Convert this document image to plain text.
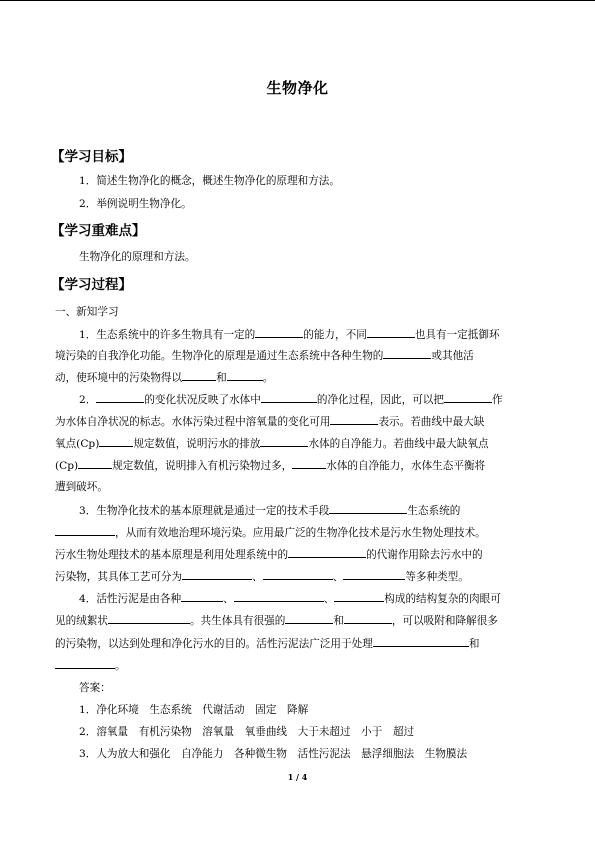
生物净化
【学习目标】
1．简述生物净化的概念，概述生物净化的原理和方法。
2．举例说明生物净化。
【学习重难点】
生物净化的原理和方法。
【学习过程】
一、新知学习
1．生态系统中的许多生物具有一定的	的能力，不同	也具有一定抵御环
境污染的自我净化功能。生物净化的原理是通过生态系统中各种生物的	或其他活
动，使环境中的污染物得以	和	。
2．	的变化状况反映了水体中	的净化过程，因此，可以把	作
为水体自净状况的标志。水体污染过程中溶氧量的变化可用	表示。若曲线中最大缺
氧点(Cp)	规定数值，说明污水的排放	水体的自净能力。若曲线中最大缺氧点
(Cp)	规定数值，说明排入有机污染物过多，	水体的自净能力，水体生态平衡将
遭到破坏。
3．生物净化技术的基本原理就是通过一定的技术手段	生态系统的
，从而有效地治理环境污染。应用最广泛的生物净化技术是污水生物处理技术。
污水生物处理技术的基本原理是利用处理系统中的	的代谢作用除去污水中的
污染物，其具体工艺可分为	、	、	等多种类型。
4．活性污泥是由各种	、	、	构成的结构复杂的肉眼可
见的绒絮状	。共生体具有很强的	和	，可以吸附和降解很多
的污染物，以达到处理和净化污水的目的。活性污泥法广泛用于处理	和
。
答案：
1．净化环境　生态系统　代谢活动　固定　降解
2．溶氧量　有机污染物　溶氧量　氧垂曲线　大于未超过　小于　超过
3．人为放大和强化　自净能力　各种微生物　活性污泥法　悬浮细胞法　生物膜法
1 / 4
